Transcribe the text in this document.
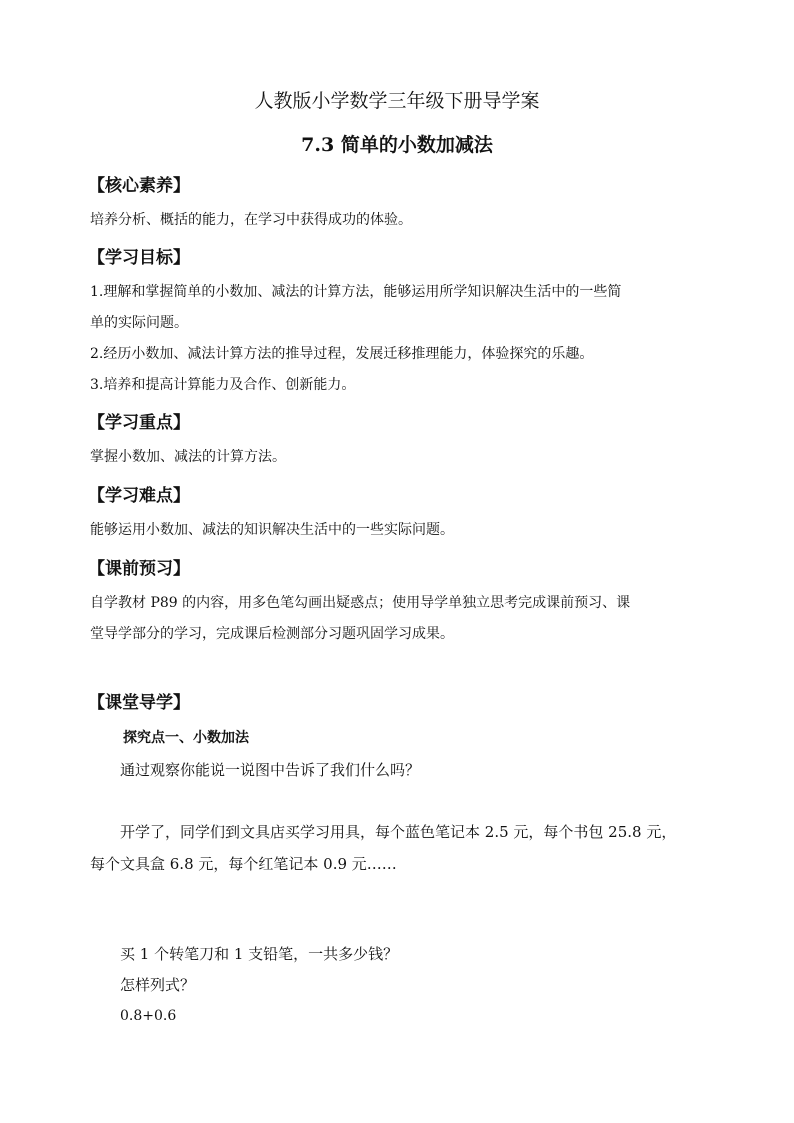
人教版小学数学三年级下册导学案
7.3 简单的小数加减法
【核心素养】
培养分析、概括的能力，在学习中获得成功的体验。
【学习目标】
1.理解和掌握简单的小数加、减法的计算方法，能够运用所学知识解决生活中的一些简
单的实际问题。
2.经历小数加、减法计算方法的推导过程，发展迁移推理能力，体验探究的乐趣。
3.培养和提高计算能力及合作、创新能力。
【学习重点】
掌握小数加、减法的计算方法。
【学习难点】
能够运用小数加、减法的知识解决生活中的一些实际问题。
【课前预习】
自学教材 P89 的内容，用多色笔勾画出疑惑点；使用导学单独立思考完成课前预习、课
堂导学部分的学习，完成课后检测部分习题巩固学习成果。
【课堂导学】
探究点一、小数加法
通过观察你能说一说图中告诉了我们什么吗？
开学了，同学们到文具店买学习用具，每个蓝色笔记本 2.5 元，每个书包 25.8 元，
每个文具盒 6.8 元，每个红笔记本 0.9 元……
买 1 个转笔刀和 1 支铅笔，一共多少钱？
怎样列式？
0.8+0.6
